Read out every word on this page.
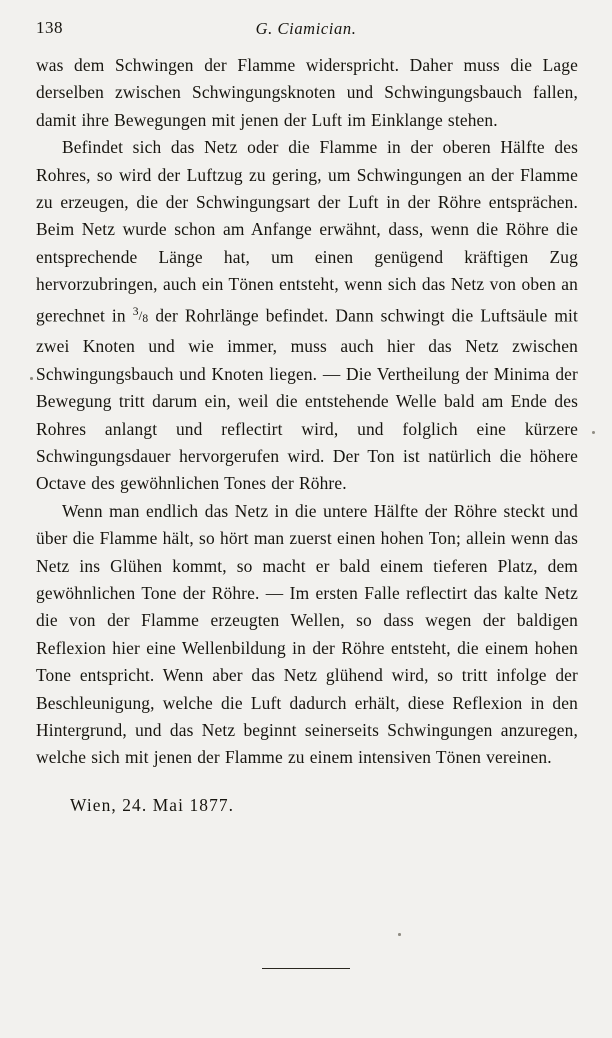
138	G. Ciamician.

was dem Schwingen der Flamme widerspricht. Daher muss die Lage derselben zwischen Schwingungsknoten und Schwingungsbauch fallen, damit ihre Bewegungen mit jenen der Luft im Einklange stehen.

Befindet sich das Netz oder die Flamme in der oberen Hälfte des Rohres, so wird der Luftzug zu gering, um Schwingungen an der Flamme zu erzeugen, die der Schwingungsart der Luft in der Röhre entsprächen. Beim Netz wurde schon am Anfange erwähnt, dass, wenn die Röhre die entsprechende Länge hat, um einen genügend kräftigen Zug hervorzubringen, auch ein Tönen entsteht, wenn sich das Netz von oben an gerechnet in 3/8 der Rohrlänge befindet. Dann schwingt die Luftsäule mit zwei Knoten und wie immer, muss auch hier das Netz zwischen Schwingungsbauch und Knoten liegen. — Die Vertheilung der Minima der Bewegung tritt darum ein, weil die entstehende Welle bald am Ende des Rohres anlangt und reflectirt wird, und folglich eine kürzere Schwingungsdauer hervorgerufen wird. Der Ton ist natürlich die höhere Octave des gewöhnlichen Tones der Röhre.

Wenn man endlich das Netz in die untere Hälfte der Röhre steckt und über die Flamme hält, so hört man zuerst einen hohen Ton; allein wenn das Netz ins Glühen kommt, so macht er bald einem tieferen Platz, dem gewöhnlichen Tone der Röhre. — Im ersten Falle reflectirt das kalte Netz die von der Flamme erzeugten Wellen, so dass wegen der baldigen Reflexion hier eine Wellenbildung in der Röhre entsteht, die einem hohen Tone entspricht. Wenn aber das Netz glühend wird, so tritt infolge der Beschleunigung, welche die Luft dadurch erhält, diese Reflexion in den Hintergrund, und das Netz beginnt seinerseits Schwingungen anzuregen, welche sich mit jenen der Flamme zu einem intensiven Tönen vereinen.

Wien, 24. Mai 1877.
